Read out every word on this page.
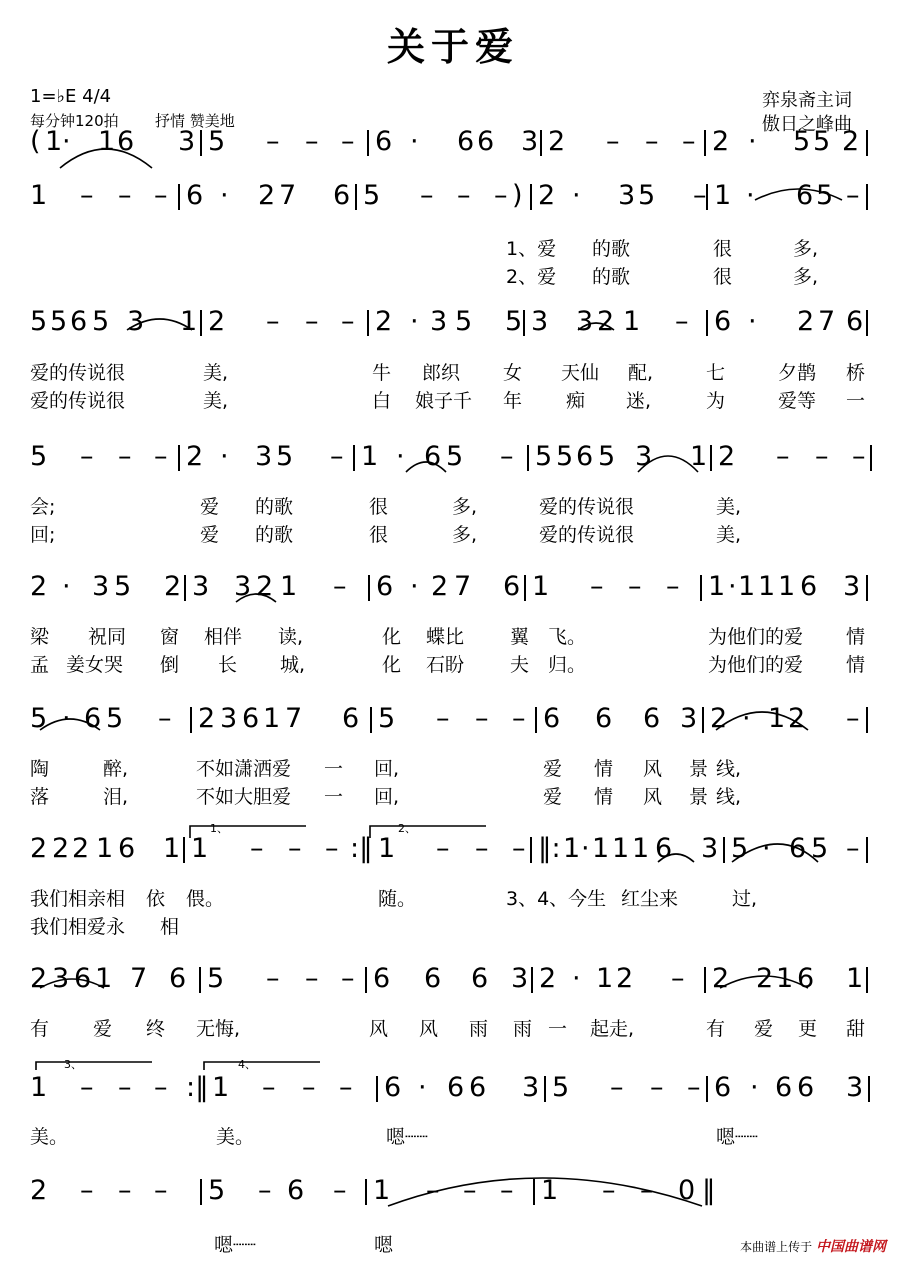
关于爱
1=♭E 4/4
每分钟120拍 抒情 赞美地
弈泉斋主词
傲日之峰曲
( 1 · 1 6 3 5 – – – 6 · 6 6 3 2 – – – 2 · 5 5 2
1 – – – 6 · 2 7 6 5 – – – ) 2 · 3 5 – 1 · 6 5 –
1、爱 的歌	很	多,
2、爱 的歌	很	多,
5 5 6 5 3 1 2 – – – 2 · 3 5 5 3 3 2 1 – 6 · 2 7 6
爱的传说很	美,	牛 郎织 女 天仙 配,	七	夕鹊 桥
爱的传说很	美,	白 娘子千 年 痴 迷,	为	爱等 一
5 – – – 2 · 3 5 – 1 · 6 5 – 5 5 6 5 3 1 2 – – –
会;	爱 的歌	很	多,	爱的传说很	美,
回;	爱 的歌	很	多,	爱的传说很	美,
2 · 3 5 2 3 3 2 1 – 6 · 2 7 6 1 – – – 1 · 1 1 1 6 3
梁 祝同 窗 相伴 读,	化 蝶比 翼 飞。	为他们的爱 情
孟 姜女哭 倒 长 城,	化 石盼 夫 归。	为他们的爱 情
5 · 6 5 – 2 3 6 1 7 6 5 – – – 6 6 6 3 2 · 1 2 –
陶	醉,	不如潇洒爱 一 回,	爱 情 风 景 线,
落	泪,	不如大胆爱 一 回,	爱 情 风 景 线,
2 2 2 1 6 1 1 – – – :‖ 1 – – – ‖: 1 · 1 1 1 6 3 5 · 6 5 –
我们相亲相 依 偎。	随。	3、4、今生 红尘来	过,
我们相爱永 相
2 3 6 1 7 6 5 – – – 6 6 6 3 2 · 1 2 – 2 2 1 6 1
有 爱 终 无悔,	风 风 雨 雨 一 起走,	有 爱 更 甜
1 – – – :‖ 1 – – – 6 · 6 6 3 5 – – – 6 · 6 6 3
美。	美。	嗯┈┈	嗯┈┈
2 – – – 5 – 6 – 1 – – – 1 – – 0 ‖
嗯┈┈	嗯
1、	2、
3、	4、
本曲谱上传于 中国曲谱网
